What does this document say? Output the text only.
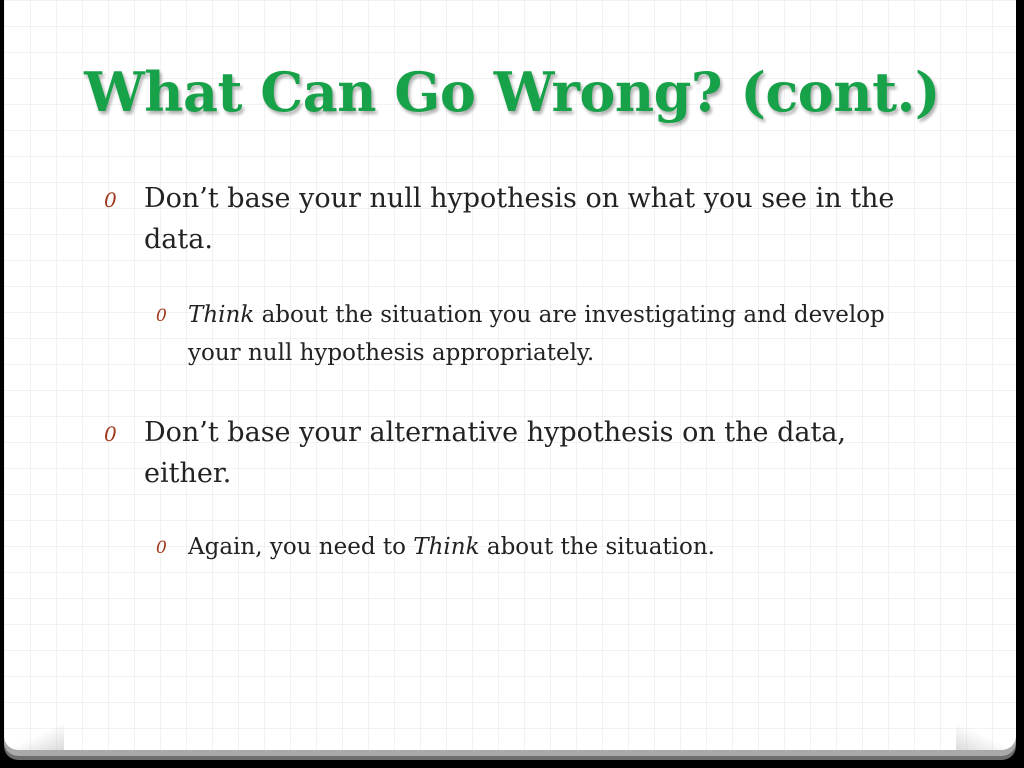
What Can Go Wrong? (cont.)
0 Don’t base your null hypothesis on what you see in the data.
0 Think about the situation you are investigating and develop your null hypothesis appropriately.
0 Don’t base your alternative hypothesis on the data, either.
0 Again, you need to Think about the situation.
